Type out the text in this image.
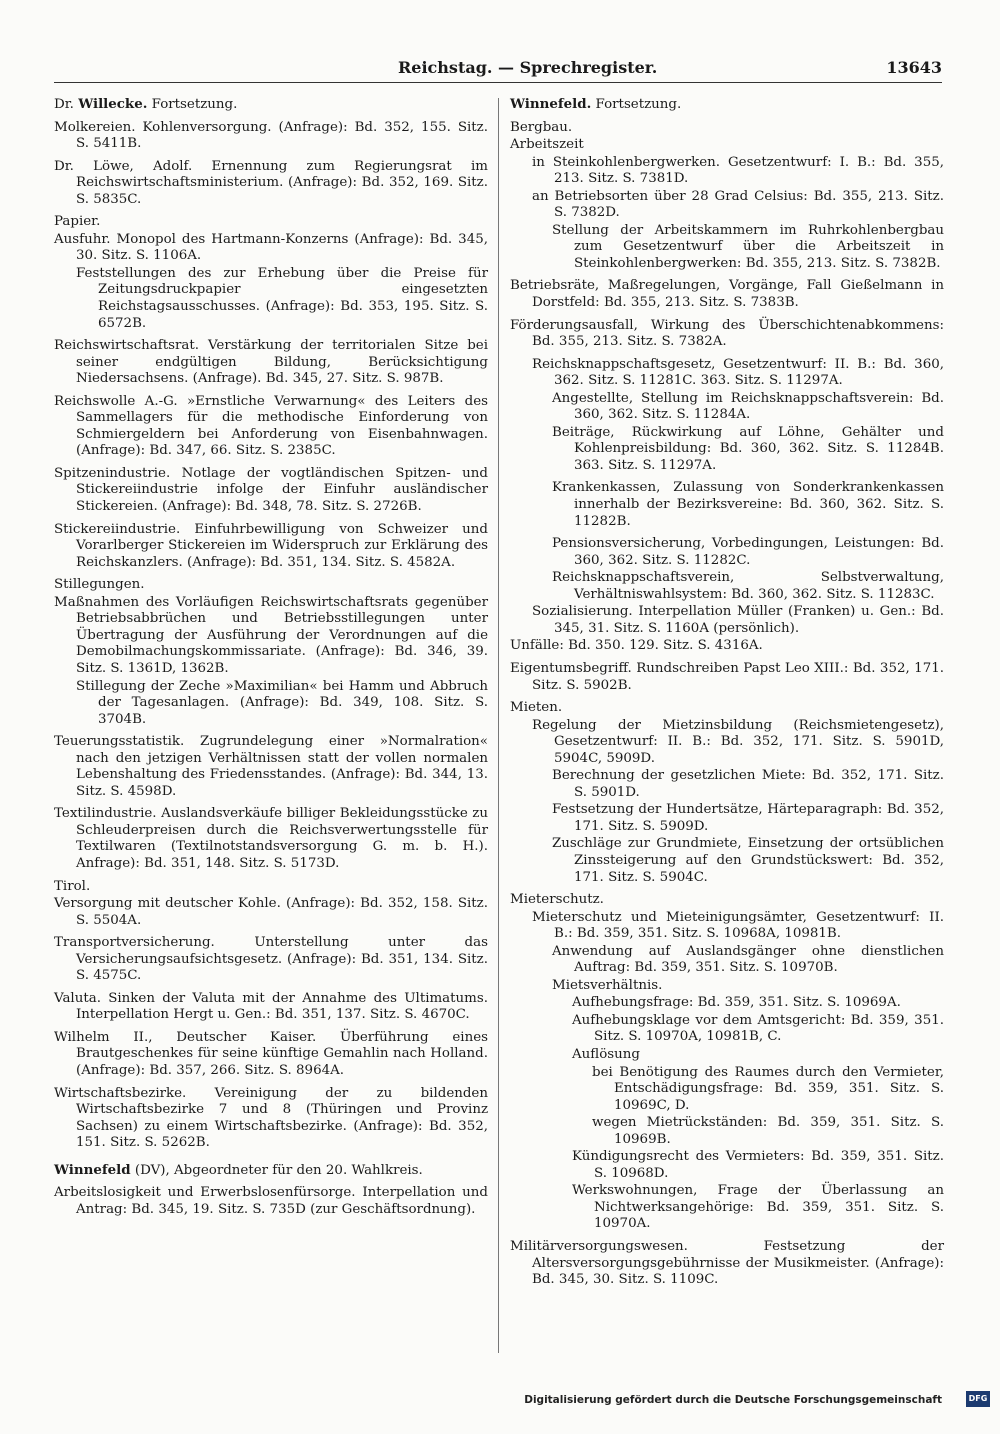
Reichstag. — Sprechregister.	13643

Dr. Willecke. Fortsetzung.

Molkereien. Kohlenversorgung. (Anfrage): Bd. 352, 155. Sitz. S. 5411B.

Dr. Löwe, Adolf. Ernennung zum Regierungsrat im Reichswirtschaftsministerium. (Anfrage): Bd. 352, 169. Sitz. S. 5835C.

Papier.

Ausfuhr. Monopol des Hartmann-Konzerns (Anfrage): Bd. 345, 30. Sitz. S. 1106A.

Feststellungen des zur Erhebung über die Preise für Zeitungsdruckpapier eingesetzten Reichstagsausschusses. (Anfrage): Bd. 353, 195. Sitz. S. 6572B.

Reichswirtschaftsrat. Verstärkung der territorialen Sitze bei seiner endgültigen Bildung, Berücksichtigung Niedersachsens. (Anfrage). Bd. 345, 27. Sitz. S. 987B.

Reichswolle A.-G. »Ernstliche Verwarnung« des Leiters des Sammellagers für die methodische Einforderung von Schmiergeldern bei Anforderung von Eisenbahnwagen. (Anfrage): Bd. 347, 66. Sitz. S. 2385C.

Spitzenindustrie. Notlage der vogtländischen Spitzen- und Stickereiindustrie infolge der Einfuhr ausländischer Stickereien. (Anfrage): Bd. 348, 78. Sitz. S. 2726B.

Stickereiindustrie. Einfuhrbewilligung von Schweizer und Vorarlberger Stickereien im Widerspruch zur Erklärung des Reichskanzlers. (Anfrage): Bd. 351, 134. Sitz. S. 4582A.

Stillegungen.

Maßnahmen des Vorläufigen Reichswirtschaftsrats gegenüber Betriebsabbrüchen und Betriebsstillegungen unter Übertragung der Ausführung der Verordnungen auf die Demobilmachungskommissariate. (Anfrage): Bd. 346, 39. Sitz. S. 1361D, 1362B.

Stillegung der Zeche »Maximilian« bei Hamm und Abbruch der Tagesanlagen. (Anfrage): Bd. 349, 108. Sitz. S. 3704B.

Teuerungsstatistik. Zugrundelegung einer »Normalration« nach den jetzigen Verhältnissen statt der vollen normalen Lebenshaltung des Friedensstandes. (Anfrage): Bd. 344, 13. Sitz. S. 4598D.

Textilindustrie. Auslandsverkäufe billiger Bekleidungsstücke zu Schleuderpreisen durch die Reichsverwertungsstelle für Textilwaren (Textilnotstandsversorgung G. m. b. H.). Anfrage): Bd. 351, 148. Sitz. S. 5173D.

Tirol.

Versorgung mit deutscher Kohle. (Anfrage): Bd. 352, 158. Sitz. S. 5504A.

Transportversicherung. Unterstellung unter das Versicherungsaufsichtsgesetz. (Anfrage): Bd. 351, 134. Sitz. S. 4575C.

Valuta. Sinken der Valuta mit der Annahme des Ultimatums. Interpellation Hergt u. Gen.: Bd. 351, 137. Sitz. S. 4670C.

Wilhelm II., Deutscher Kaiser. Überführung eines Brautgeschenkes für seine künftige Gemahlin nach Holland. (Anfrage): Bd. 357, 266. Sitz. S. 8964A.

Wirtschaftsbezirke. Vereinigung der zu bildenden Wirtschaftsbezirke 7 und 8 (Thüringen und Provinz Sachsen) zu einem Wirtschaftsbezirke. (Anfrage): Bd. 352, 151. Sitz. S. 5262B.

Winnefeld (DV), Abgeordneter für den 20. Wahlkreis.

Arbeitslosigkeit und Erwerbslosenfürsorge. Interpellation und Antrag: Bd. 345, 19. Sitz. S. 735D (zur Geschäftsordnung).

Winnefeld. Fortsetzung.

Bergbau.

Arbeitszeit

in Steinkohlenbergwerken. Gesetzentwurf: I. B.: Bd. 355, 213. Sitz. S. 7381D.

an Betriebsorten über 28 Grad Celsius: Bd. 355, 213. Sitz. S. 7382D.

Stellung der Arbeitskammern im Ruhrkohlenbergbau zum Gesetzentwurf über die Arbeitszeit in Steinkohlenbergwerken: Bd. 355, 213. Sitz. S. 7382B.

Betriebsräte, Maßregelungen, Vorgänge, Fall Gießelmann in Dorstfeld: Bd. 355, 213. Sitz. S. 7383B.

Förderungsausfall, Wirkung des Überschichtenabkommens: Bd. 355, 213. Sitz. S. 7382A.

Reichsknappschaftsgesetz, Gesetzentwurf: II. B.: Bd. 360, 362. Sitz. S. 11281C. 363. Sitz. S. 11297A.

Angestellte, Stellung im Reichsknappschaftsverein: Bd. 360, 362. Sitz. S. 11284A.

Beiträge, Rückwirkung auf Löhne, Gehälter und Kohlenpreisbildung: Bd. 360, 362. Sitz. S. 11284B. 363. Sitz. S. 11297A.

Krankenkassen, Zulassung von Sonderkrankenkassen innerhalb der Bezirksvereine: Bd. 360, 362. Sitz. S. 11282B.

Pensionsversicherung, Vorbedingungen, Leistungen: Bd. 360, 362. Sitz. S. 11282C.

Reichsknappschaftsverein, Selbstverwaltung, Verhältniswahlsystem: Bd. 360, 362. Sitz. S. 11283C.

Sozialisierung. Interpellation Müller (Franken) u. Gen.: Bd. 345, 31. Sitz. S. 1160A (persönlich).

Unfälle: Bd. 350. 129. Sitz. S. 4316A.

Eigentumsbegriff. Rundschreiben Papst Leo XIII.: Bd. 352, 171. Sitz. S. 5902B.

Mieten.

Regelung der Mietzinsbildung (Reichsmietengesetz), Gesetzentwurf: II. B.: Bd. 352, 171. Sitz. S. 5901D, 5904C, 5909D.

Berechnung der gesetzlichen Miete: Bd. 352, 171. Sitz. S. 5901D.

Festsetzung der Hundertsätze, Härteparagraph: Bd. 352, 171. Sitz. S. 5909D.

Zuschläge zur Grundmiete, Einsetzung der ortsüblichen Zinssteigerung auf den Grundstückswert: Bd. 352, 171. Sitz. S. 5904C.

Mieterschutz.

Mieterschutz und Mieteinigungsämter, Gesetzentwurf: II. B.: Bd. 359, 351. Sitz. S. 10968A, 10981B.

Anwendung auf Auslandsgänger ohne dienstlichen Auftrag: Bd. 359, 351. Sitz. S. 10970B.

Mietsverhältnis.

Aufhebungsfrage: Bd. 359, 351. Sitz. S. 10969A.

Aufhebungsklage vor dem Amtsgericht: Bd. 359, 351. Sitz. S. 10970A, 10981B, C.

Auflösung

bei Benötigung des Raumes durch den Vermieter, Entschädigungsfrage: Bd. 359, 351. Sitz. S. 10969C, D.

wegen Mietrückständen: Bd. 359, 351. Sitz. S. 10969B.

Kündigungsrecht des Vermieters: Bd. 359, 351. Sitz. S. 10968D.

Werkswohnungen, Frage der Überlassung an Nichtwerksangehörige: Bd. 359, 351. Sitz. S. 10970A.

Militärversorgungswesen. Festsetzung der Altersversorgungsgebührnisse der Musikmeister. (Anfrage): Bd. 345, 30. Sitz. S. 1109C.

Digitalisierung gefördert durch die Deutsche Forschungsgemeinschaft	DFG
